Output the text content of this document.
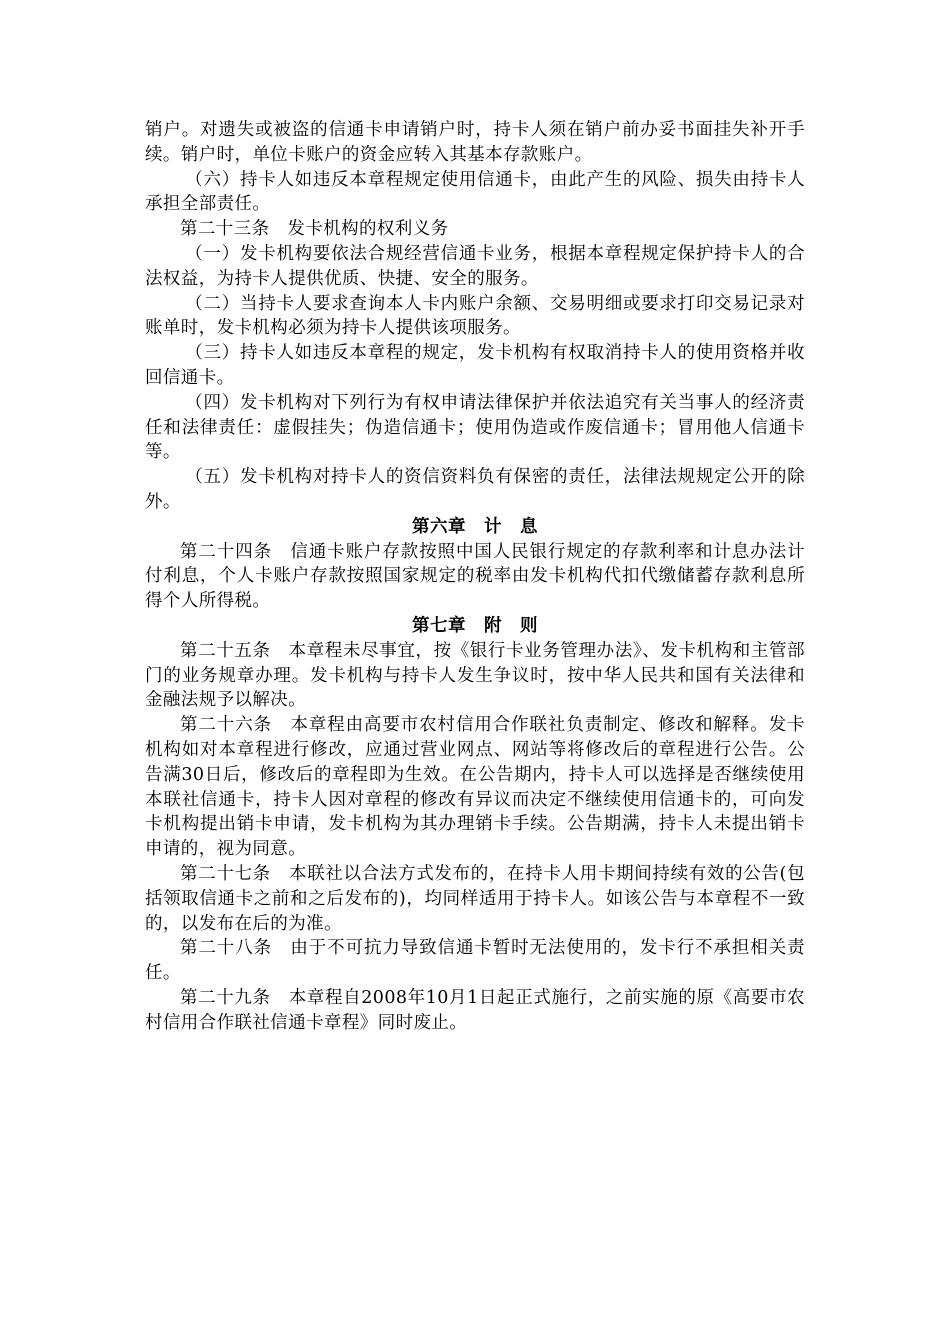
销户。对遗失或被盗的信通卡申请销户时，持卡人须在销户前办妥书面挂失补开手续。销户时，单位卡账户的资金应转入其基本存款账户。

（六）持卡人如违反本章程规定使用信通卡，由此产生的风险、损失由持卡人承担全部责任。

第二十三条　发卡机构的权利义务

（一）发卡机构要依法合规经营信通卡业务，根据本章程规定保护持卡人的合法权益，为持卡人提供优质、快捷、安全的服务。

（二）当持卡人要求查询本人卡内账户余额、交易明细或要求打印交易记录对账单时，发卡机构必须为持卡人提供该项服务。

（三）持卡人如违反本章程的规定，发卡机构有权取消持卡人的使用资格并收回信通卡。

（四）发卡机构对下列行为有权申请法律保护并依法追究有关当事人的经济责任和法律责任：虚假挂失；伪造信通卡；使用伪造或作废信通卡；冒用他人信通卡等。

（五）发卡机构对持卡人的资信资料负有保密的责任，法律法规规定公开的除外。

第六章　计　息

第二十四条　信通卡账户存款按照中国人民银行规定的存款利率和计息办法计付利息，个人卡账户存款按照国家规定的税率由发卡机构代扣代缴储蓄存款利息所得个人所得税。

第七章　附　则

第二十五条　本章程未尽事宜，按《银行卡业务管理办法》、发卡机构和主管部门的业务规章办理。发卡机构与持卡人发生争议时，按中华人民共和国有关法律和金融法规予以解决。

第二十六条　本章程由高要市农村信用合作联社负责制定、修改和解释。发卡机构如对本章程进行修改，应通过营业网点、网站等将修改后的章程进行公告。公告满30日后，修改后的章程即为生效。在公告期内，持卡人可以选择是否继续使用本联社信通卡，持卡人因对章程的修改有异议而决定不继续使用信通卡的，可向发卡机构提出销卡申请，发卡机构为其办理销卡手续。公告期满，持卡人未提出销卡申请的，视为同意。

第二十七条　本联社以合法方式发布的，在持卡人用卡期间持续有效的公告(包括领取信通卡之前和之后发布的)，均同样适用于持卡人。如该公告与本章程不一致的，以发布在后的为准。

第二十八条　由于不可抗力导致信通卡暂时无法使用的，发卡行不承担相关责任。

第二十九条　本章程自2008年10月1日起正式施行，之前实施的原《高要市农村信用合作联社信通卡章程》同时废止。
